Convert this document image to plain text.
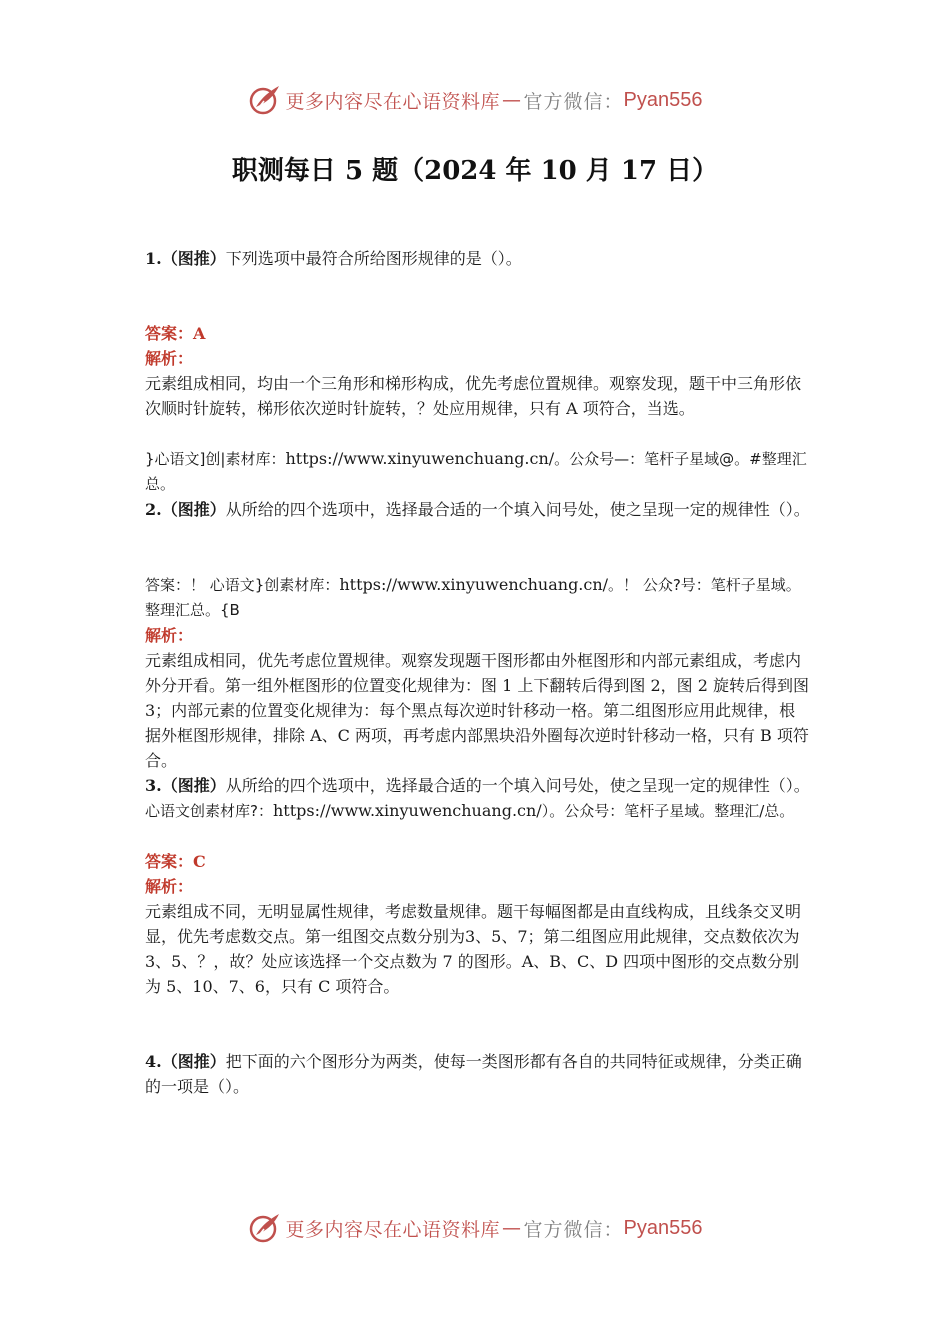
更多内容尽在心语资料库 — 官方微信： Pyan556
职测每日 5 题（2024 年 10 月 17 日）

1.（图推）下列选项中最符合所给图形规律的是（）。

答案：A

解析：

元素组成相同，均由一个三角形和梯形构成，优先考虑位置规律。观察发现，题干中三角形依次顺时针旋转，梯形依次逆时针旋转，？处应用规律，只有 A 项符合，当选。

}心语文]创|素材库：https://www.xinyuwenchuang.cn/。公众号—：笔杆子星域@。#整理汇总。

2.（图推）从所给的四个选项中，选择最合适的一个填入问号处，使之呈现一定的规律性（）。

答案：！ 心语文}创素材库：https://www.xinyuwenchuang.cn/。！ 公众?号：笔杆子星域。整理汇总。{B

解析：

元素组成相同，优先考虑位置规律。观察发现题干图形都由外框图形和内部元素组成，考虑内外分开看。第一组外框图形的位置变化规律为：图 1 上下翻转后得到图 2，图 2 旋转后得到图 3；内部元素的位置变化规律为：每个黑点每次逆时针移动一格。第二组图形应用此规律，根据外框图形规律，排除 A、C 两项，再考虑内部黑块沿外圈每次逆时针移动一格，只有 B 项符合。

3.（图推）从所给的四个选项中，选择最合适的一个填入问号处，使之呈现一定的规律性（）。

心语文创素材库?：https://www.xinyuwenchuang.cn/）。公众号：笔杆子星域。整理汇/总。

答案：C

解析：

元素组成不同，无明显属性规律，考虑数量规律。题干每幅图都是由直线构成，且线条交叉明显，优先考虑数交点。第一组图交点数分别为3、5、7；第二组图应用此规律，交点数依次为 3、5、？，故？处应该选择一个交点数为 7 的图形。A、B、C、D 四项中图形的交点数分别为 5、10、7、6，只有 C 项符合。

4.（图推）把下面的六个图形分为两类，使每一类图形都有各自的共同特征或规律，分类正确的一项是（）。

更多内容尽在心语资料库 — 官方微信： Pyan556
